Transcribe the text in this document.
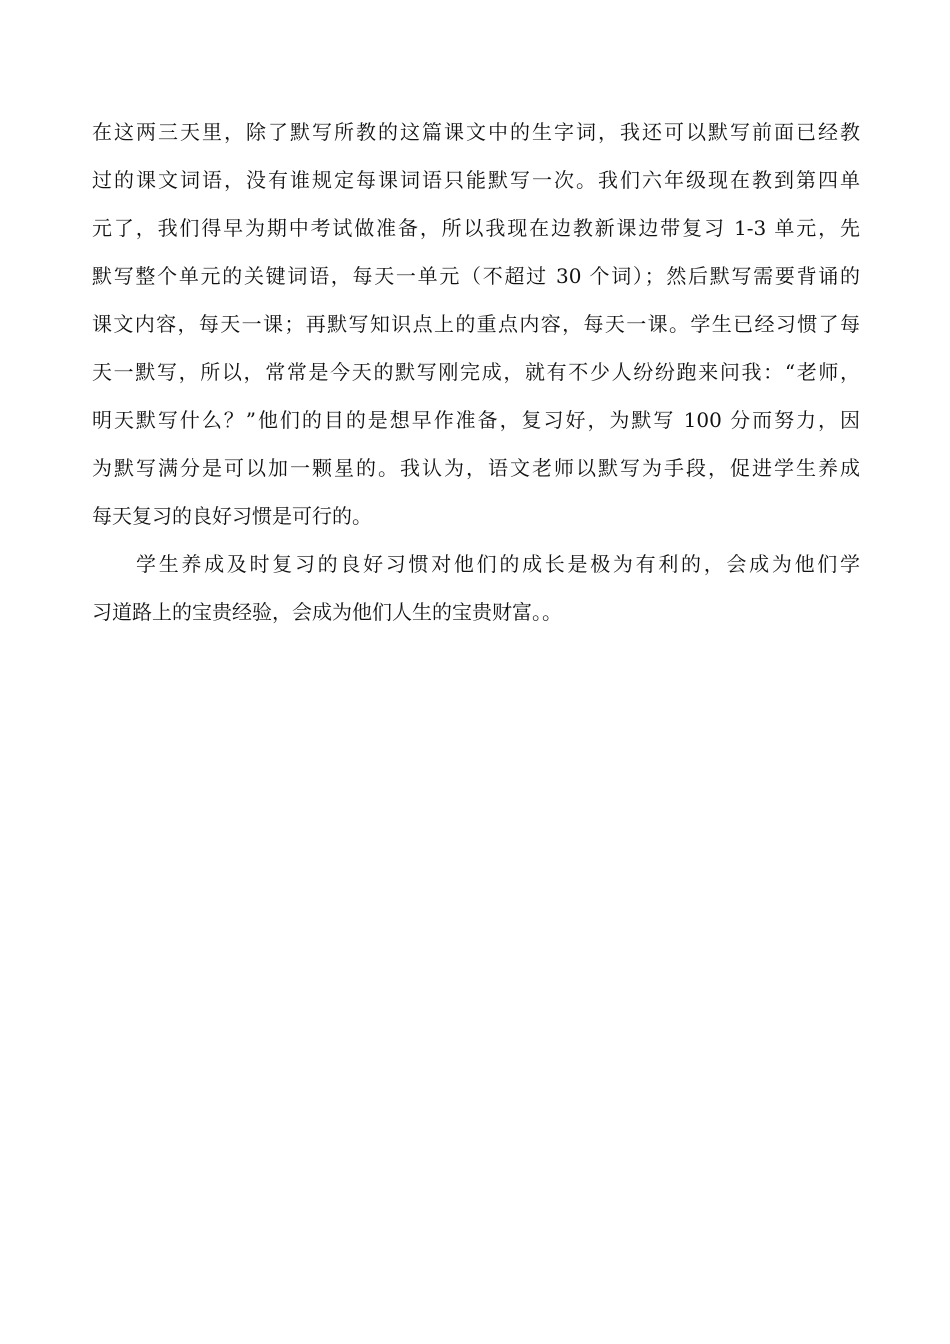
在这两三天里，除了默写所教的这篇课文中的生字词，我还可以默写前面已经教
过的课文词语，没有谁规定每课词语只能默写一次。我们六年级现在教到第四单
元了，我们得早为期中考试做准备，所以我现在边教新课边带复习 1-3 单元，先
默写整个单元的关键词语，每天一单元（不超过 30 个词）；然后默写需要背诵的
课文内容，每天一课；再默写知识点上的重点内容，每天一课。学生已经习惯了每
天一默写，所以，常常是今天的默写刚完成，就有不少人纷纷跑来问我：“老师，
明天默写什么？”他们的目的是想早作准备，复习好，为默写 100 分而努力，因
为默写满分是可以加一颗星的。我认为，语文老师以默写为手段，促进学生养成
每天复习的良好习惯是可行的。
学生养成及时复习的良好习惯对他们的成长是极为有利的，会成为他们学
习道路上的宝贵经验，会成为他们人生的宝贵财富。。
